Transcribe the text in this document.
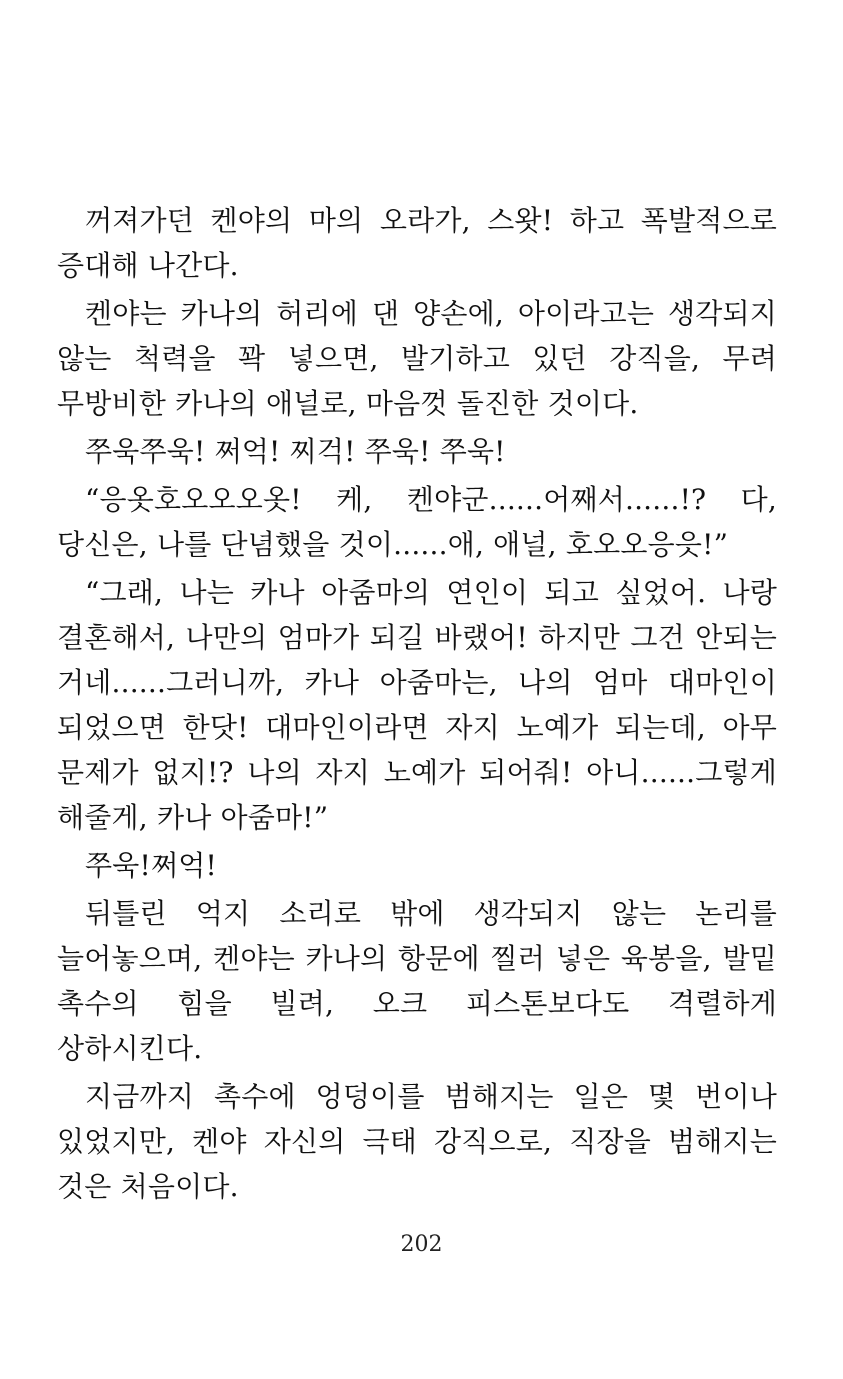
꺼져가던 켄야의 마의 오라가, 스왓! 하고 폭발적으로 증대해 나간다.

켄야는 카나의 허리에 댄 양손에, 아이라고는 생각되지 않는 척력을 꽉 넣으면, 발기하고 있던 강직을, 무려 무방비한 카나의 애널로, 마음껏 돌진한 것이다.

쭈욱쭈욱! 쩌억! 찌걱! 쭈욱! 쭈욱!

“응옷호오오오옷! 케, 켄야군......어째서......!? 다, 당신은, 나를 단념했을 것이......애, 애널, 호오오응읏!”

“그래, 나는 카나 아줌마의 연인이 되고 싶었어. 나랑 결혼해서, 나만의 엄마가 되길 바랬어! 하지만 그건 안되는 거네......그러니까, 카나 아줌마는, 나의 엄마 대마인이 되었으면 한닷! 대마인이라면 자지 노예가 되는데, 아무 문제가 없지!? 나의 자지 노예가 되어줘! 아니......그렇게 해줄게, 카나 아줌마!”

쭈욱!쩌억!

뒤틀린 억지 소리로 밖에 생각되지 않는 논리를 늘어놓으며, 켄야는 카나의 항문에 찔러 넣은 육봉을, 발밑 촉수의 힘을 빌려, 오크 피스톤보다도 격렬하게 상하시킨다.

지금까지 촉수에 엉덩이를 범해지는 일은 몇 번이나 있었지만, 켄야 자신의 극태 강직으로, 직장을 범해지는 것은 처음이다.

202
